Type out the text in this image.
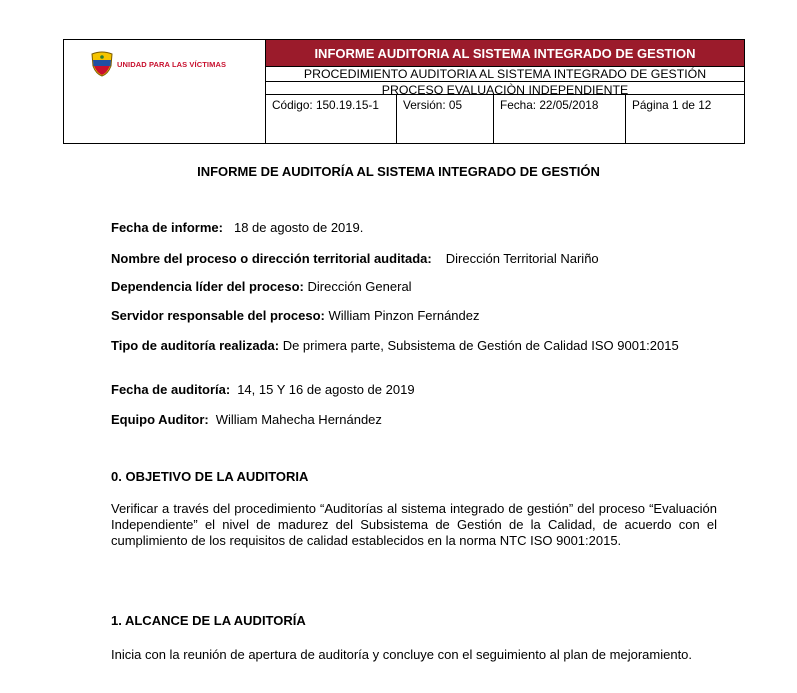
UNIDAD PARA LAS VÍCTIMAS
INFORME AUDITORIA AL SISTEMA INTEGRADO DE GESTION
PROCEDIMIENTO AUDITORIA AL SISTEMA INTEGRADO DE GESTIÓN
PROCESO EVALUACIÒN INDEPENDIENTE
Código: 150.19.15-1	Versión: 05	Fecha: 22/05/2018	Página 1 de 12
INFORME DE AUDITORÍA AL SISTEMA INTEGRADO DE GESTIÓN
Fecha de informe: 18 de agosto de 2019.
Nombre del proceso o dirección territorial auditada: Dirección Territorial Nariño
Dependencia líder del proceso: Dirección General
Servidor responsable del proceso: William Pinzon Fernández
Tipo de auditoría realizada: De primera parte, Subsistema de Gestión de Calidad ISO 9001:2015
Fecha de auditoría: 14, 15 Y 16 de agosto de 2019
Equipo Auditor: William Mahecha Hernández
0. OBJETIVO DE LA AUDITORIA
Verificar a través del procedimiento “Auditorías al sistema integrado de gestión” del proceso “Evaluación Independiente” el nivel de madurez del Subsistema de Gestión de la Calidad, de acuerdo con el cumplimiento de los requisitos de calidad establecidos en la norma NTC ISO 9001:2015.
1. ALCANCE DE LA AUDITORÍA
Inicia con la reunión de apertura de auditoría y concluye con el seguimiento al plan de mejoramiento.
